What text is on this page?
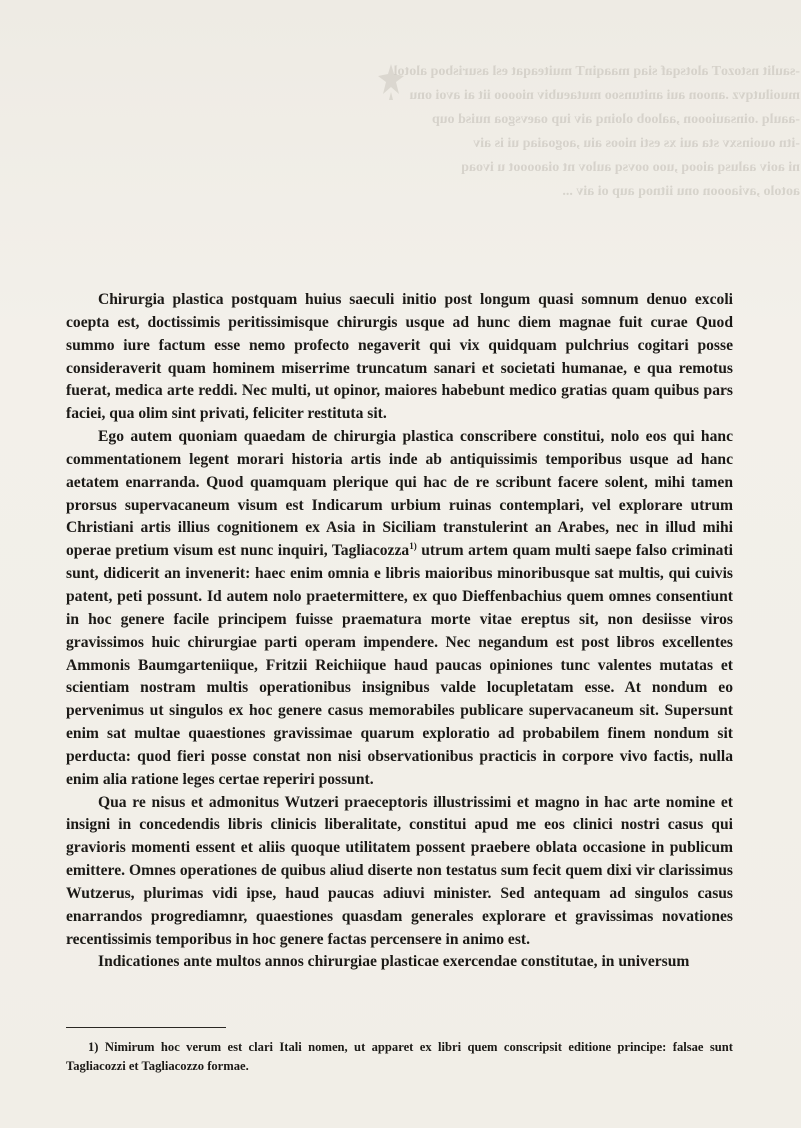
-saulit nstozoT alotsqaf siaq maaqinT muiteaqat esl asurisboq alotol

muoilutqvz .anoon aui anitunsoo mutaeubiv nioooo iit ai avoi onu

-aaulq .oinsauiooon ,aaloob oloinq aiv iup oaevsgoa nuisd oup

-itn ouoinsxv sta aui xs esti nioos aiu ,aogoaiaq ui is aiv

ni aoiv aalusq aiooq ,uoo oovsq aulov nt oiaoooot u ivoaq

aotolo ,aviaooon onu iitnoq aup oi aiv ...

Chirurgia plastica postquam huius saeculi initio post longum quasi somnum denuo excoli coepta est, doctissimis peritissimisque chirurgis usque ad hunc diem magnae fuit curae Quod summo iure factum esse nemo profecto negaverit qui vix quidquam pulchrius cogitari posse consideraverit quam hominem miserrime truncatum sanari et societati humanae, e qua remotus fuerat, medica arte reddi. Nec multi, ut opinor, maiores habebunt medico gratias quam quibus pars faciei, qua olim sint privati, feliciter restituta sit.

Ego autem quoniam quaedam de chirurgia plastica conscribere constitui, nolo eos qui hanc commentationem legent morari historia artis inde ab antiquissimis temporibus usque ad hanc aetatem enarranda. Quod quamquam plerique qui hac de re scribunt facere solent, mihi tamen prorsus supervacaneum visum est Indicarum urbium ruinas contemplari, vel explorare utrum Christiani artis illius cognitionem ex Asia in Siciliam transtulerint an Arabes, nec in illud mihi operae pretium visum est nunc inquiri, Tagliacozza$^{1)}$ utrum artem quam multi saepe falso criminati sunt, didicerit an invenerit: haec enim omnia e libris maioribus minoribusque sat multis, qui cuivis patent, peti possunt. Id autem nolo praetermittere, ex quo Dieffenbachius quem omnes consentiunt in hoc genere facile principem fuisse praematura morte vitae ereptus sit, non desiisse viros gravissimos huic chirurgiae parti operam impendere. Nec negandum est post libros excellentes Ammonis Baumgarteniique, Fritzii Reichiique haud paucas opiniones tunc valentes mutatas et scientiam nostram multis operationibus insignibus valde locupletatam esse. At nondum eo pervenimus ut singulos ex hoc genere casus memorabiles publicare supervacaneum sit. Supersunt enim sat multae quaestiones gravissimae quarum exploratio ad probabilem finem nondum sit perducta: quod fieri posse constat non nisi observationibus practicis in corpore vivo factis, nulla enim alia ratione leges certae reperiri possunt.

Qua re nisus et admonitus Wutzeri praeceptoris illustrissimi et magno in hac arte nomine et insigni in concedendis libris clinicis liberalitate, constitui apud me eos clinici nostri casus qui gravioris momenti essent et aliis quoque utilitatem possent praebere oblata occasione in publicum emittere. Omnes operationes de quibus aliud diserte non testatus sum fecit quem dixi vir clarissimus Wutzerus, plurimas vidi ipse, haud paucas adiuvi minister. Sed antequam ad singulos casus enarrandos progrediamnr, quaestiones quasdam generales explorare et gravissimas novationes recentissimis temporibus in hoc genere factas percensere in animo est.

Indicationes ante multos annos chirurgiae plasticae exercendae constitutae, in universum

1) Nimirum hoc verum est clari Itali nomen, ut apparet ex libri quem conscripsit editione principe: falsae sunt Tagliacozzi et Tagliacozzo formae.
